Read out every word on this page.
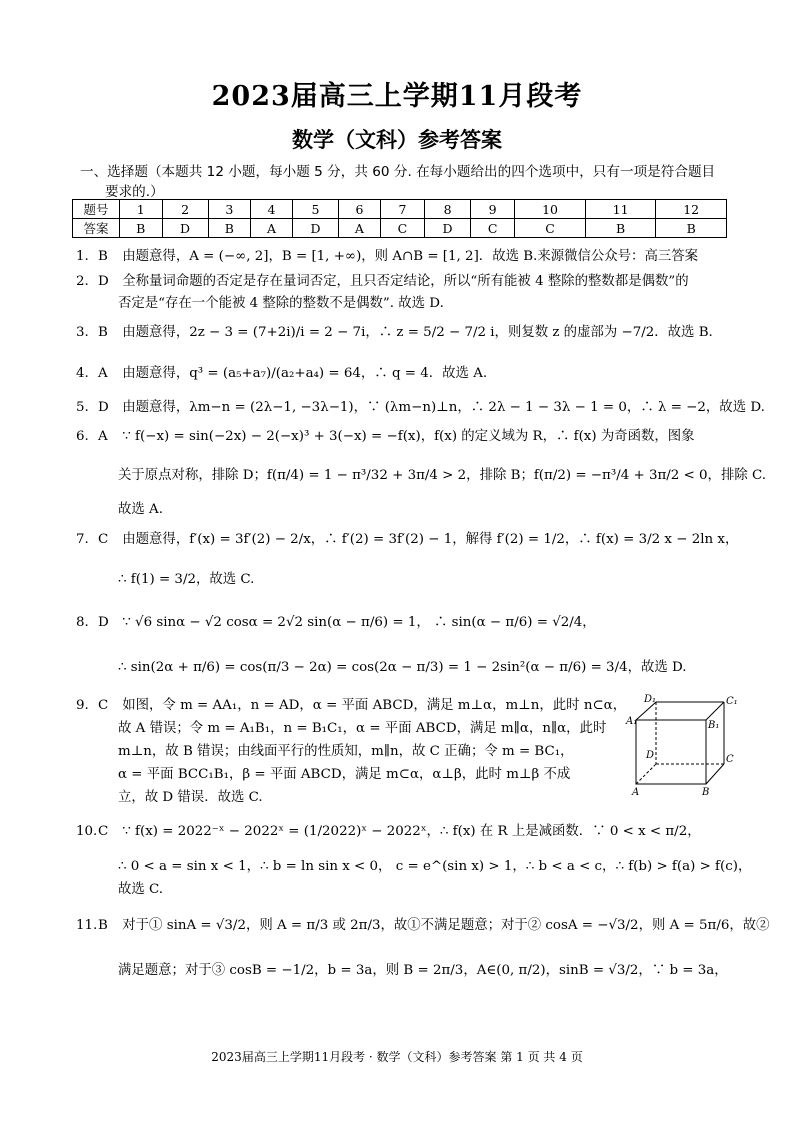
2023届高三上学期11月段考
数学（文科）参考答案
一、选择题（本题共 12 小题，每小题 5 分，共 60 分. 在每小题给出的四个选项中，只有一项是符合题目
要求的.）
题号	1	2	3	4	5	6	7	8	9	10	11	12
答案	B	D	B	A	D	A	C	D	C	C	B	B
1. B 由题意得，A = (−∞, 2]，B = [1, +∞)，则 A∩B = [1, 2]．故选 B.来源微信公众号：高三答案
2. D 全称量词命题的否定是存在量词否定，且只否定结论，所以“所有能被 4 整除的整数都是偶数”的
否定是“存在一个能被 4 整除的整数不是偶数”. 故选 D.
3. B 由题意得，2z − 3 = (7+2i)/i = 2 − 7i，∴ z = 5/2 − 7/2 i，则复数 z 的虚部为 −7/2．故选 B.
4. A 由题意得，q³ = (a₅+a₇)/(a₂+a₄) = 64，∴ q = 4．故选 A.
5. D 由题意得，λm−n = (2λ−1, −3λ−1)，∵ (λm−n)⊥n，∴ 2λ − 1 − 3λ − 1 = 0，∴ λ = −2，故选 D.
6. A ∵ f(−x) = sin(−2x) − 2(−x)³ + 3(−x) = −f(x)，f(x) 的定义域为 R，∴ f(x) 为奇函数，图象
关于原点对称，排除 D；f(π/4) = 1 − π³/32 + 3π/4 > 2，排除 B；f(π/2) = −π³/4 + 3π/2 < 0，排除 C.
故选 A.
7. C 由题意得，f′(x) = 3f′(2) − 2/x，∴ f′(2) = 3f′(2) − 1，解得 f′(2) = 1/2，∴ f(x) = 3/2 x − 2ln x，
∴ f(1) = 3/2，故选 C.
8. D ∵ √6 sinα − √2 cosα = 2√2 sin(α − π/6) = 1， ∴ sin(α − π/6) = √2/4，
∴ sin(2α + π/6) = cos(π/3 − 2α) = cos(2α − π/3) = 1 − 2sin²(α − π/6) = 3/4，故选 D.
9. C 如图，令 m = AA₁，n = AD，α = 平面 ABCD，满足 m⊥α，m⊥n，此时 n⊂α，
故 A 错误；令 m = A₁B₁，n = B₁C₁，α = 平面 ABCD，满足 m∥α，n∥α，此时
m⊥n，故 B 错误；由线面平行的性质知，m∥n，故 C 正确；令 m = BC₁，
α = 平面 BCC₁B₁，β = 平面 ABCD，满足 m⊂α，α⊥β，此时 m⊥β 不成
立，故 D 错误．故选 C.
D₁	C₁
A₁	B₁
D	C
A	B
10.C ∵ f(x) = 2022⁻ˣ − 2022ˣ = (1/2022)ˣ − 2022ˣ，∴ f(x) 在 R 上是减函数．∵ 0 < x < π/2，
∴ 0 < a = sin x < 1，∴ b = ln sin x < 0， c = e^(sin x) > 1，∴ b < a < c，∴ f(b) > f(a) > f(c)，
故选 C.
11.B 对于① sinA = √3/2，则 A = π/3 或 2π/3，故①不满足题意；对于② cosA = −√3/2，则 A = 5π/6，故②
满足题意；对于③ cosB = −1/2，b = 3a，则 B = 2π/3，A∈(0, π/2)，sinB = √3/2，∵ b = 3a，
2023届高三上学期11月段考 · 数学（文科）参考答案 第 1 页 共 4 页
